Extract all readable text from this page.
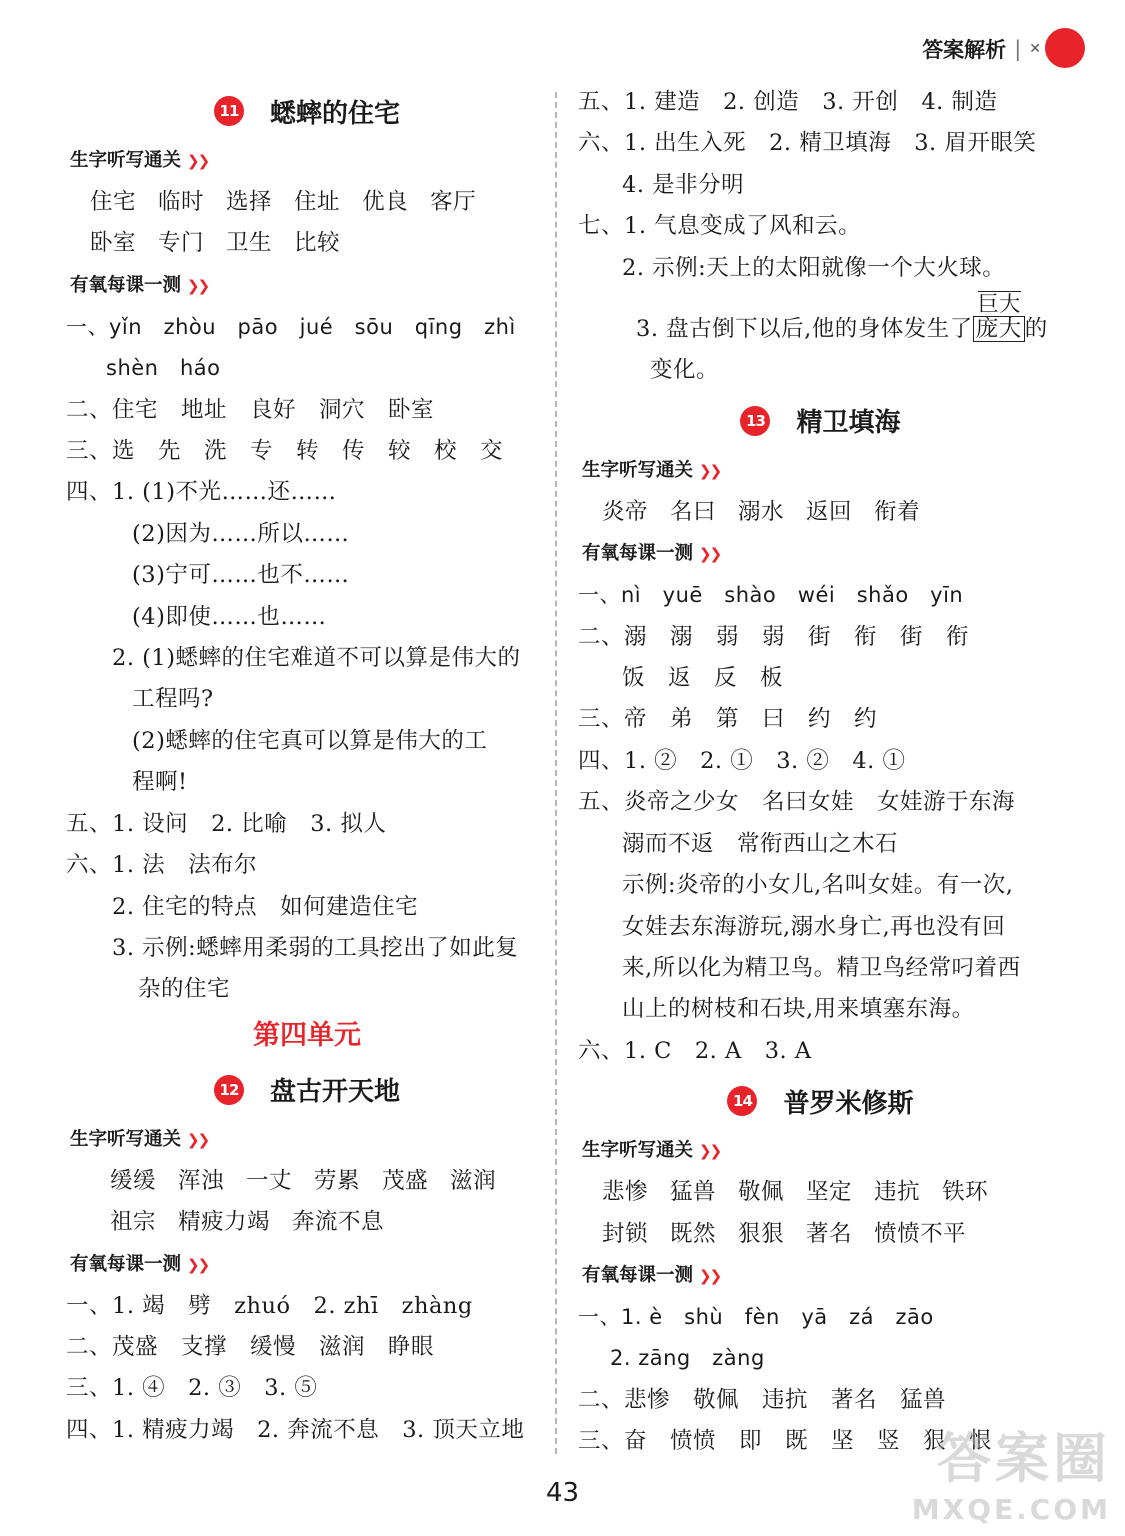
答案解析 | ✕
11 蟋蟀的住宅
生字听写通关 ❯❯
住宅 临时 选择 住址 优良 客厅
卧室 专门 卫生 比较
有氧每课一测 ❯❯
一、yǐn　zhòu　pāo　jué　sōu　qīng　zhì
shèn　háo
二、住宅　地址　良好　洞穴　卧室
三、选　先　洗　专　转　传　较　校　交
四、1. (1)不光……还……
(2)因为……所以……
(3)宁可……也不……
(4)即使……也……
2. (1)蟋蟀的住宅难道不可以算是伟大的
工程吗?
(2)蟋蟀的住宅真可以算是伟大的工
程啊!
五、1. 设问　2. 比喻　3. 拟人
六、1. 法　法布尔
2. 住宅的特点　如何建造住宅
3. 示例:蟋蟀用柔弱的工具挖出了如此复
杂的住宅
第四单元
12 盘古开天地
生字听写通关 ❯❯
缓缓 浑浊 一丈 劳累 茂盛 滋润
祖宗 精疲力竭 奔流不息
有氧每课一测 ❯❯
一、1. 竭　劈　zhuó　2. zhī　zhàng
二、茂盛　支撑　缓慢　滋润　睁眼
三、1. ④　2. ③　3. ⑤
四、1. 精疲力竭　2. 奔流不息　3. 顶天立地
五、1. 建造　2. 创造　3. 开创　4. 制造
六、1. 出生入死　2. 精卫填海　3. 眉开眼笑
4. 是非分明
七、1. 气息变成了风和云。
2. 示例:天上的太阳就像一个大火球。
3. 盘古倒下以后,他的身体发生了
巨大
庞大 的
变化。
13 精卫填海
生字听写通关 ❯❯
炎帝 名曰 溺水 返回 衔着
有氧每课一测 ❯❯
一、nì　yuē　shào　wéi　shǎo　yīn
二、溺　溺　弱　弱　街　衔　街　衔
饭　返　反　板
三、帝　弟　第　曰　约　约
四、1. ②　2. ①　3. ②　4. ①
五、炎帝之少女　名曰女娃　女娃游于东海
溺而不返　常衔西山之木石
示例:炎帝的小女儿,名叫女娃。有一次,
女娃去东海游玩,溺水身亡,再也没有回
来,所以化为精卫鸟。精卫鸟经常叼着西
山上的树枝和石块,用来填塞东海。
六、1. C　2. A　3. A
14 普罗米修斯
生字听写通关 ❯❯
悲惨 猛兽 敬佩 坚定 违抗 铁环
封锁 既然 狠狠 著名 愤愤不平
有氧每课一测 ❯❯
一、1. è　shù　fèn　yā　zá　zāo
2. zāng　zàng
二、悲惨　敬佩　违抗　著名　猛兽
三、奋　愤愤　即　既　坚　竖　狠　恨
43
答案圈
MXQE.COM
